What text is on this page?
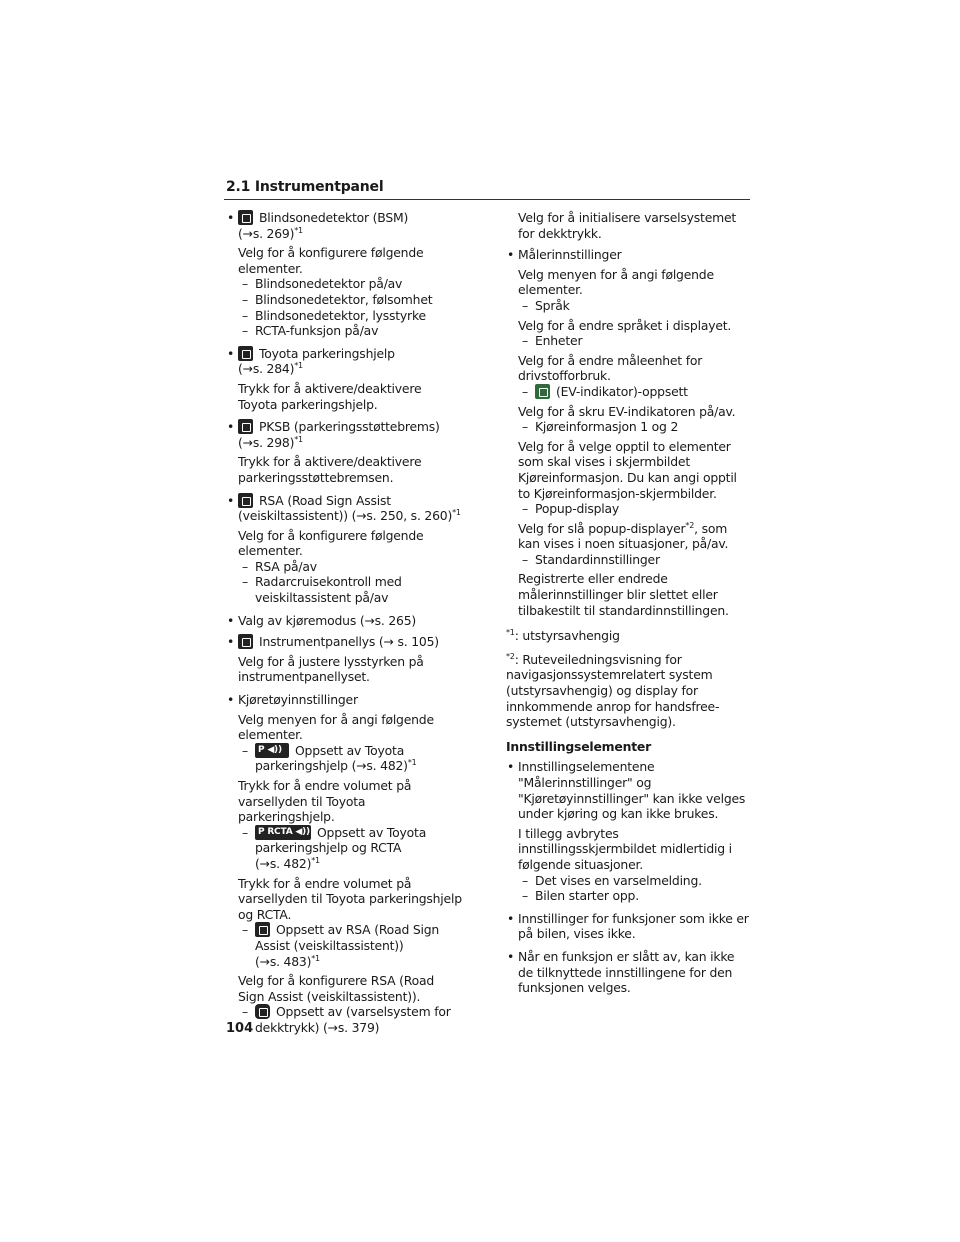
2.1 Instrumentpanel
• Blindsonedetektor (BSM)
(→s. 269)$^{*1}$
Velg for å konfigurere følgende elementer.
– Blindsonedetektor på/av
– Blindsonedetektor, følsomhet
– Blindsonedetektor, lysstyrke
– RCTA-funksjon på/av
• Toyota parkeringshjelp
(→s. 284)$^{*1}$
Trykk for å aktivere/deaktivere Toyota parkeringshjelp.
• PKSB (parkeringsstøttebrems)
(→s. 298)$^{*1}$
Trykk for å aktivere/deaktivere parkeringsstøttebremsen.
• RSA (Road Sign Assist
(veiskiltassistent)) (→s. 250, s. 260)$^{*1}$
Velg for å konfigurere følgende elementer.
– RSA på/av
– Radarcruisekontroll med veiskiltassistent på/av
• Valg av kjøremodus (→s. 265)
• Instrumentpanellys (→ s. 105)
Velg for å justere lysstyrken på instrumentpanellyset.
• Kjøretøyinnstillinger
Velg menyen for å angi følgende elementer.
– P ◀)) Oppsett av Toyota parkeringshjelp (→s. 482)$^{*1}$
Trykk for å endre volumet på varsellyden til Toyota parkeringshjelp.
– P RCTA ◀)) Oppsett av Toyota
parkeringshjelp og RCTA
(→s. 482)$^{*1}$
Trykk for å endre volumet på varsellyden til Toyota parkeringshjelp og RCTA.
– Oppsett av RSA (Road Sign
Assist (veiskiltassistent))
(→s. 483)$^{*1}$
Velg for å konfigurere RSA (Road Sign Assist (veiskiltassistent)).
– Oppsett av (varselsystem for
dekktrykk) (→s. 379)
Velg for å initialisere varselsystemet for dekktrykk.
• Målerinnstillinger
Velg menyen for å angi følgende elementer.
– Språk
Velg for å endre språket i displayet.
– Enheter
Velg for å endre måleenhet for drivstofforbruk.
– (EV-indikator)-oppsett
Velg for å skru EV-indikatoren på/av.
– Kjøreinformasjon 1 og 2
Velg for å velge opptil to elementer som skal vises i skjermbildet Kjøreinformasjon. Du kan angi opptil to Kjøreinformasjon-skjermbilder.
– Popup-display
Velg for slå popup-displayer$^{*2}$, som kan vises i noen situasjoner, på/av.
– Standardinnstillinger
Registrerte eller endrede målerinnstillinger blir slettet eller tilbakestilt til standardinnstillingen.
$^{*1}$: utstyrsavhengig
$^{*2}$: Ruteveiledningsvisning for navigasjonssystemrelatert system (utstyrsavhengig) og display for innkommende anrop for handsfree-systemet (utstyrsavhengig).
Innstillingselementer
• Innstillingselementene "Målerinnstillinger" og "Kjøretøyinnstillinger" kan ikke velges under kjøring og kan ikke brukes.
I tillegg avbrytes innstillingsskjermbildet midlertidig i følgende situasjoner.
– Det vises en varselmelding.
– Bilen starter opp.
• Innstillinger for funksjoner som ikke er på bilen, vises ikke.
• Når en funksjon er slått av, kan ikke de tilknyttede innstillingene for den funksjonen velges.
104
